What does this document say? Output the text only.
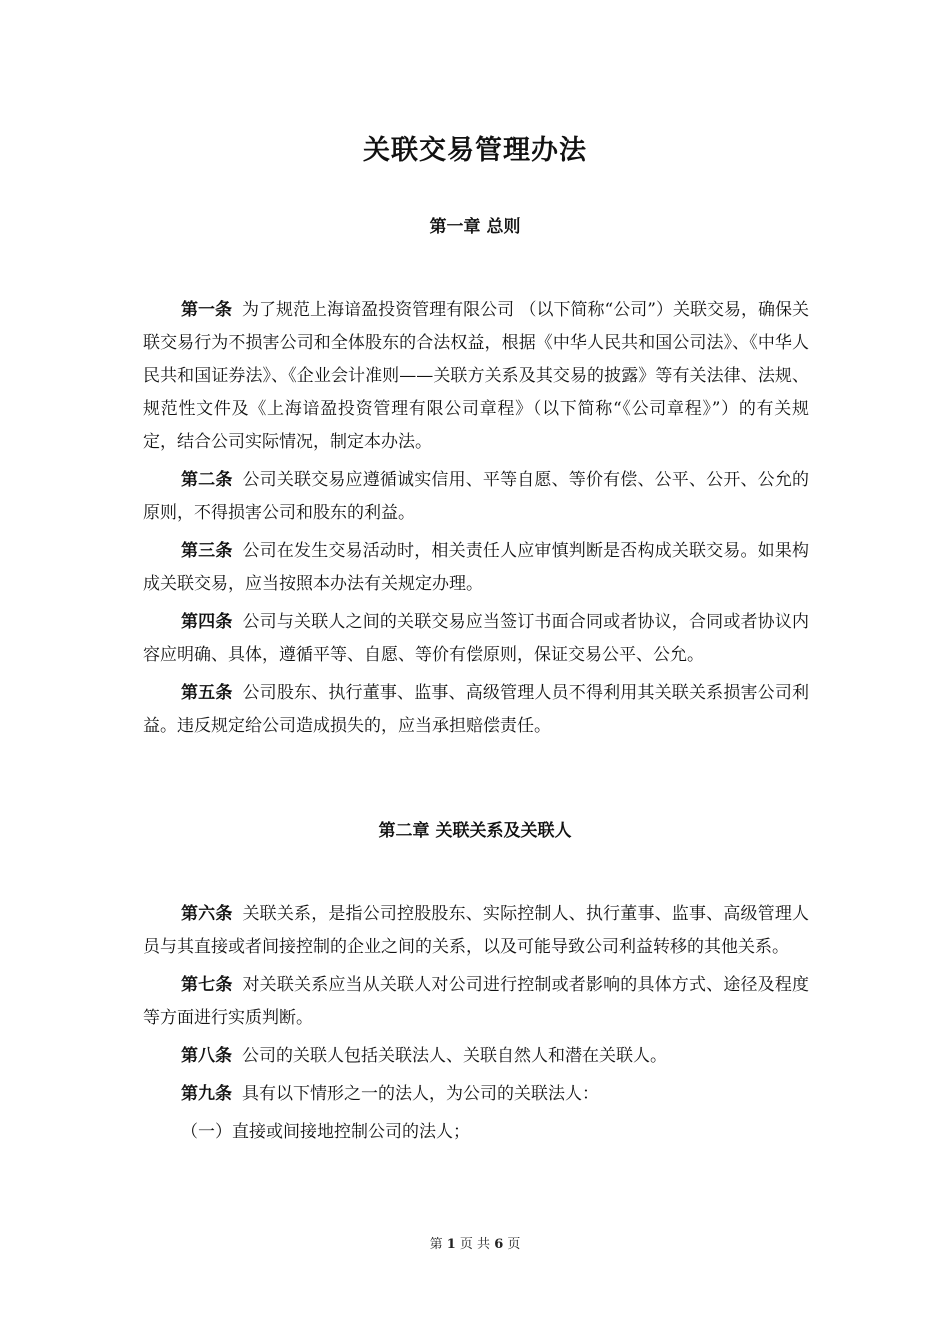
关联交易管理办法
第一章 总则

第一条 为了规范上海谙盈投资管理有限公司 （以下简称“公司”）关联交易，确保关联交易行为不损害公司和全体股东的合法权益，根据《中华人民共和国公司法》、《中华人民共和国证券法》、《企业会计准则——关联方关系及其交易的披露》等有关法律、法规、规范性文件及《上海谙盈投资管理有限公司章程》（以下简称“《公司章程》”）的有关规定，结合公司实际情况，制定本办法。

第二条 公司关联交易应遵循诚实信用、平等自愿、等价有偿、公平、公开、公允的原则，不得损害公司和股东的利益。

第三条 公司在发生交易活动时，相关责任人应审慎判断是否构成关联交易。如果构成关联交易，应当按照本办法有关规定办理。

第四条 公司与关联人之间的关联交易应当签订书面合同或者协议，合同或者协议内容应明确、具体，遵循平等、自愿、等价有偿原则，保证交易公平、公允。

第五条 公司股东、执行董事、监事、高级管理人员不得利用其关联关系损害公司利益。违反规定给公司造成损失的，应当承担赔偿责任。

第二章 关联关系及关联人

第六条 关联关系，是指公司控股股东、实际控制人、执行董事、监事、高级管理人员与其直接或者间接控制的企业之间的关系，以及可能导致公司利益转移的其他关系。

第七条 对关联关系应当从关联人对公司进行控制或者影响的具体方式、途径及程度等方面进行实质判断。

第八条 公司的关联人包括关联法人、关联自然人和潜在关联人。

第九条 具有以下情形之一的法人，为公司的关联法人：

（一）直接或间接地控制公司的法人；

第 1 页 共 6 页
